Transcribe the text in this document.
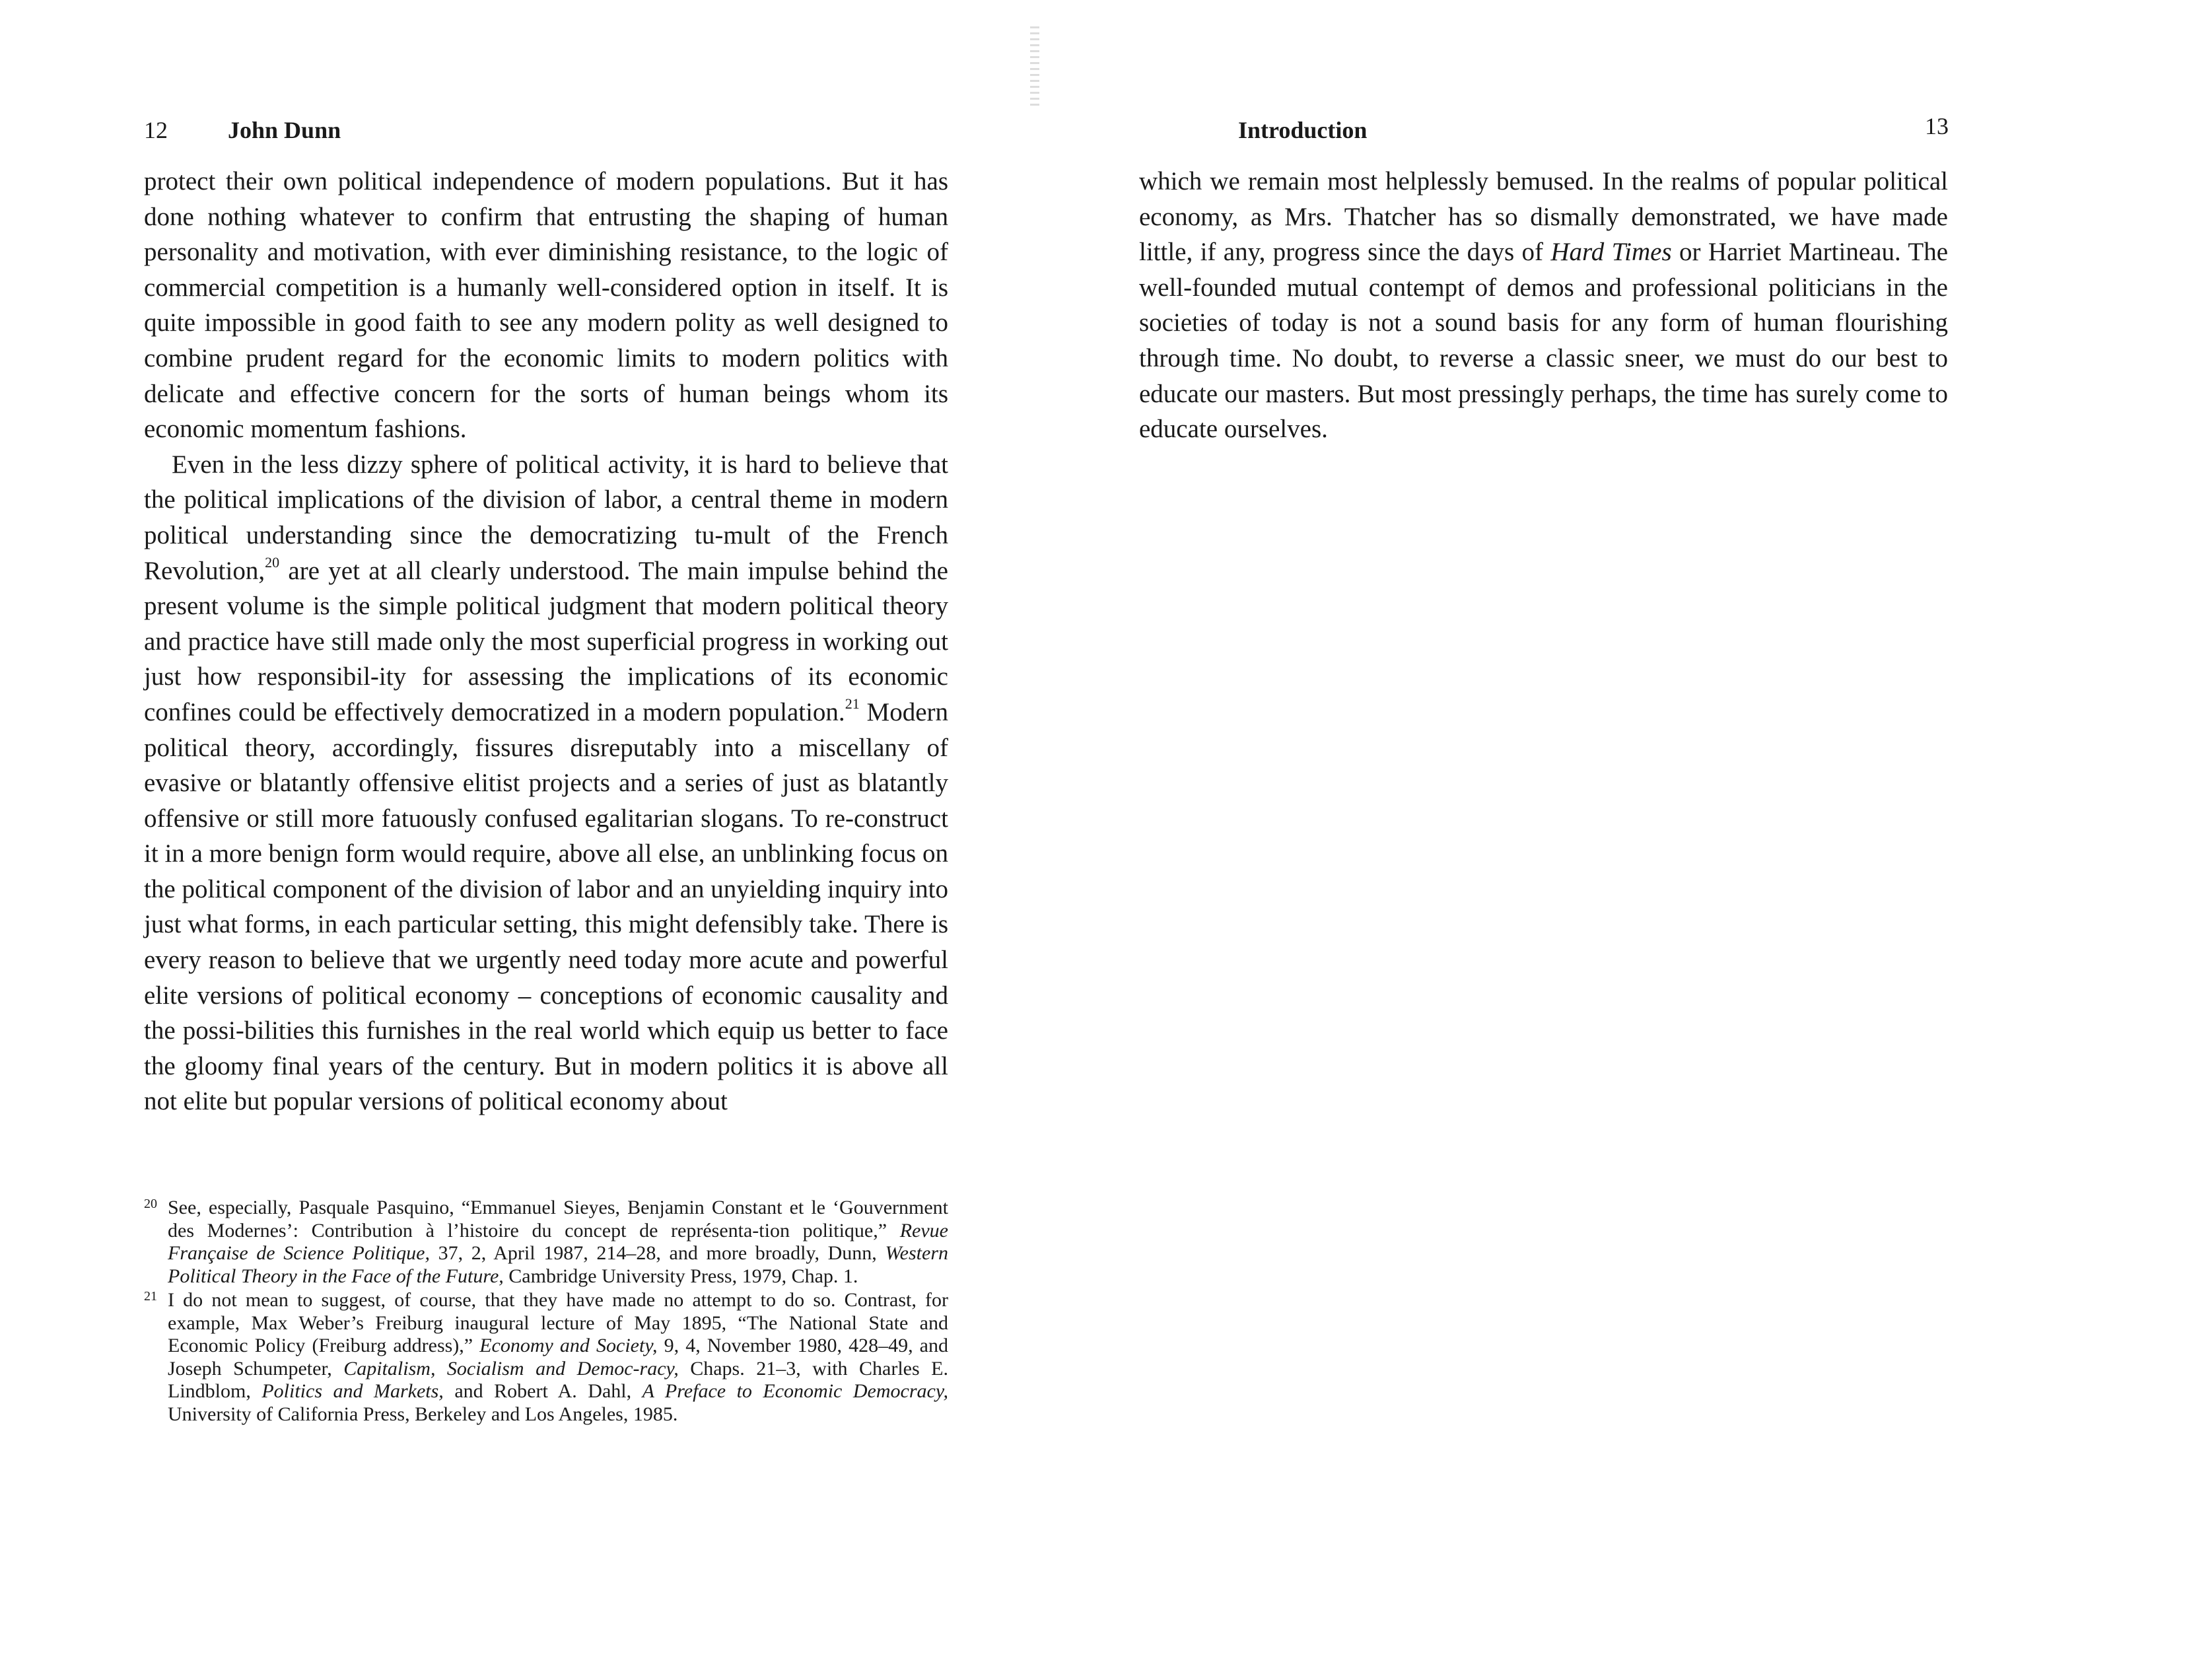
12	John Dunn

protect their own political independence of modern populations. But it has done nothing whatever to confirm that entrusting the shaping of human personality and motivation, with ever diminishing resistance, to the logic of commercial competition is a humanly well-considered option in itself. It is quite impossible in good faith to see any modern polity as well designed to combine prudent regard for the economic limits to modern politics with delicate and effective concern for the sorts of human beings whom its economic momentum fashions.

Even in the less dizzy sphere of political activity, it is hard to believe that the political implications of the division of labor, a central theme in modern political understanding since the democratizing tu-mult of the French Revolution,$^{20}$ are yet at all clearly understood. The main impulse behind the present volume is the simple political judgment that modern political theory and practice have still made only the most superficial progress in working out just how responsibil-ity for assessing the implications of its economic confines could be effectively democratized in a modern population.$^{21}$ Modern political theory, accordingly, fissures disreputably into a miscellany of evasive or blatantly offensive elitist projects and a series of just as blatantly offensive or still more fatuously confused egalitarian slogans. To re-construct it in a more benign form would require, above all else, an unblinking focus on the political component of the division of labor and an unyielding inquiry into just what forms, in each particular setting, this might defensibly take. There is every reason to believe that we urgently need today more acute and powerful elite versions of political economy – conceptions of economic causality and the possi-bilities this furnishes in the real world which equip us better to face the gloomy final years of the century. But in modern politics it is above all not elite but popular versions of political economy about

20 See, especially, Pasquale Pasquino, “Emmanuel Sieyes, Benjamin Constant et le ‘Gouvernment des Modernes’: Contribution à l’histoire du concept de représenta-tion politique,” Revue Française de Science Politique, 37, 2, April 1987, 214–28, and more broadly, Dunn, Western Political Theory in the Face of the Future, Cambridge University Press, 1979, Chap. 1.
21 I do not mean to suggest, of course, that they have made no attempt to do so. Contrast, for example, Max Weber’s Freiburg inaugural lecture of May 1895, “The National State and Economic Policy (Freiburg address),” Economy and Society, 9, 4, November 1980, 428–49, and Joseph Schumpeter, Capitalism, Socialism and Democ-racy, Chaps. 21–3, with Charles E. Lindblom, Politics and Markets, and Robert A. Dahl, A Preface to Economic Democracy, University of California Press, Berkeley and Los Angeles, 1985.
Introduction	13

which we remain most helplessly bemused. In the realms of popular political economy, as Mrs. Thatcher has so dismally demonstrated, we have made little, if any, progress since the days of Hard Times or Harriet Martineau. The well-founded mutual contempt of demos and professional politicians in the societies of today is not a sound basis for any form of human flourishing through time. No doubt, to reverse a classic sneer, we must do our best to educate our masters. But most pressingly perhaps, the time has surely come to educate ourselves.
